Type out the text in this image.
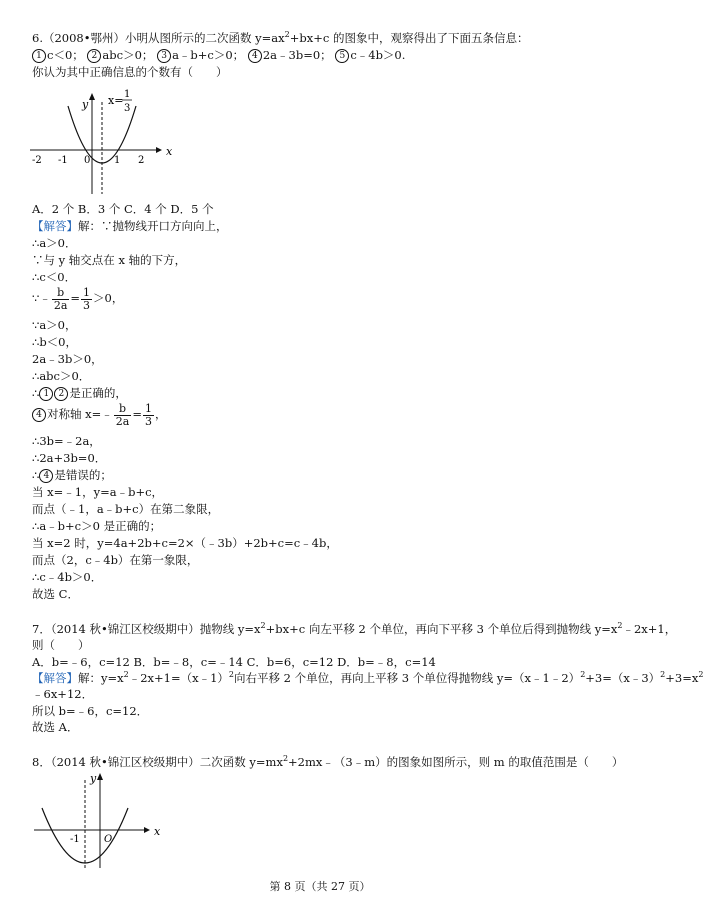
6.（2008•鄂州）小明从图所示的二次函数 $y=ax^2+bx+c$ 的图象中，观察得出了下面五条信息：
1 c＜0； 2 abc＞0； 3 a﹣b+c＞0； 4 2a﹣3b=0； 5 c﹣4b＞0.
你认为其中正确信息的个数有（　　）
y
x
x= 1
3
-2 -1 0 1 2
A．2 个 B．3 个 C．4 个 D．5 个
【解答】解：∵抛物线开口方向向上，
∴a＞0．
∵与 y 轴交点在 x 轴的下方，
∴c＜0．
∵﹣ $\frac{b}{2a} = \frac{1}{3} >0$，
∵a＞0，
∴b＜0，
2a﹣3b＞0，
∴abc＞0．
∴ 1 2 是正确的，
4 对称轴 x=﹣ $\frac{b}{2a} = \frac{1}{3}$ ，
∴3b=﹣2a，
∴2a+3b=0．
∴ 4 是错误的；
当 x=﹣1，y=a﹣b+c，
而点（﹣1，a﹣b+c）在第二象限，
∴a﹣b+c＞0 是正确的；
当 x=2 时，y=4a+2b+c=2×（﹣3b）+2b+c=c﹣4b，
而点（2，c﹣4b）在第一象限，
∴c﹣4b＞0．
故选 C．
7．（2014 秋•锦江区校级期中）抛物线 $y=x^2+bx+c$ 向左平移 2 个单位，再向下平移 3 个单位后得到抛物线 $y=x^2﹣2x+1$，
则（　　）
A．b=﹣6，c=12 B．b=﹣8，c=﹣14 C．b=6，c=12 D．b=﹣8，c=14
【解答】解：$y=x^2﹣2x+1=(x﹣1)^2$向右平移 2 个单位，再向上平移 3 个单位得抛物线 $y=(x﹣1﹣2)^2+3=(x﹣3)^2+3=x^2$
﹣6x+12．
所以 b=﹣6，c=12．
故选 A．
8．（2014 秋•锦江区校级期中）二次函数 $y=mx^2+2mx﹣(3﹣m)$的图象如图所示，则 m 的取值范围是（　　）
y
x
-1 O
第 8 页（共 27 页）
